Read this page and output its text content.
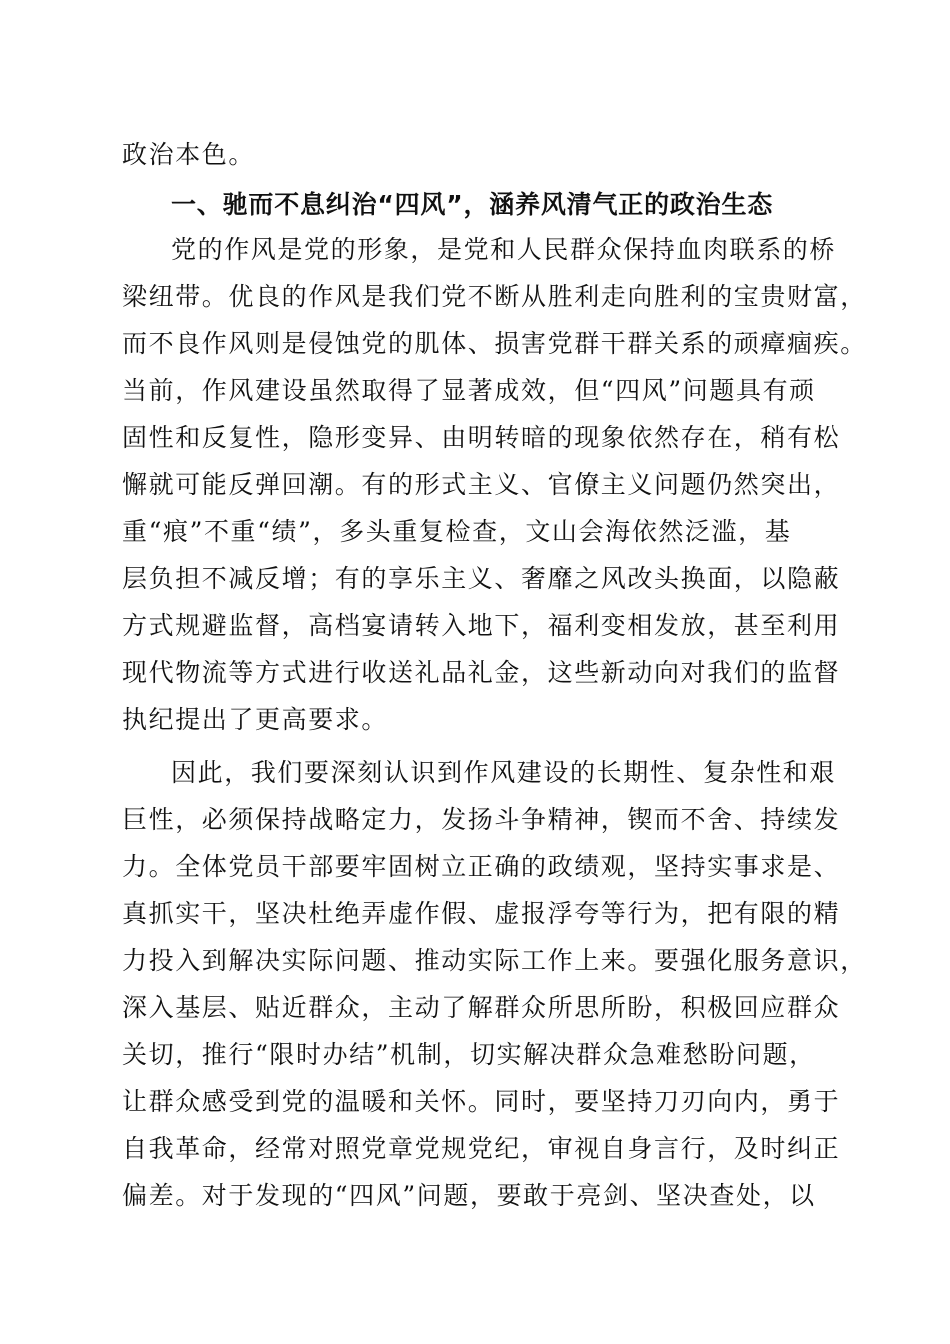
政治本色。
一、驰而不息纠治“四风”，涵养风清气正的政治生态
党的作风是党的形象，是党和人民群众保持血肉联系的桥
梁纽带。优良的作风是我们党不断从胜利走向胜利的宝贵财富，
而不良作风则是侵蚀党的肌体、损害党群干群关系的顽瘴痼疾。
当前，作风建设虽然取得了显著成效，但“四风”问题具有顽
固性和反复性，隐形变异、由明转暗的现象依然存在，稍有松
懈就可能反弹回潮。有的形式主义、官僚主义问题仍然突出，
重“痕”不重“绩”，多头重复检查，文山会海依然泛滥，基
层负担不减反增；有的享乐主义、奢靡之风改头换面，以隐蔽
方式规避监督，高档宴请转入地下，福利变相发放，甚至利用
现代物流等方式进行收送礼品礼金，这些新动向对我们的监督
执纪提出了更高要求。
因此，我们要深刻认识到作风建设的长期性、复杂性和艰
巨性，必须保持战略定力，发扬斗争精神，锲而不舍、持续发
力。全体党员干部要牢固树立正确的政绩观，坚持实事求是、
真抓实干，坚决杜绝弄虚作假、虚报浮夸等行为，把有限的精
力投入到解决实际问题、推动实际工作上来。要强化服务意识，
深入基层、贴近群众，主动了解群众所思所盼，积极回应群众
关切，推行“限时办结”机制，切实解决群众急难愁盼问题，
让群众感受到党的温暖和关怀。同时，要坚持刀刃向内，勇于
自我革命，经常对照党章党规党纪，审视自身言行，及时纠正
偏差。对于发现的“四风”问题，要敢于亮剑、坚决查处，以
